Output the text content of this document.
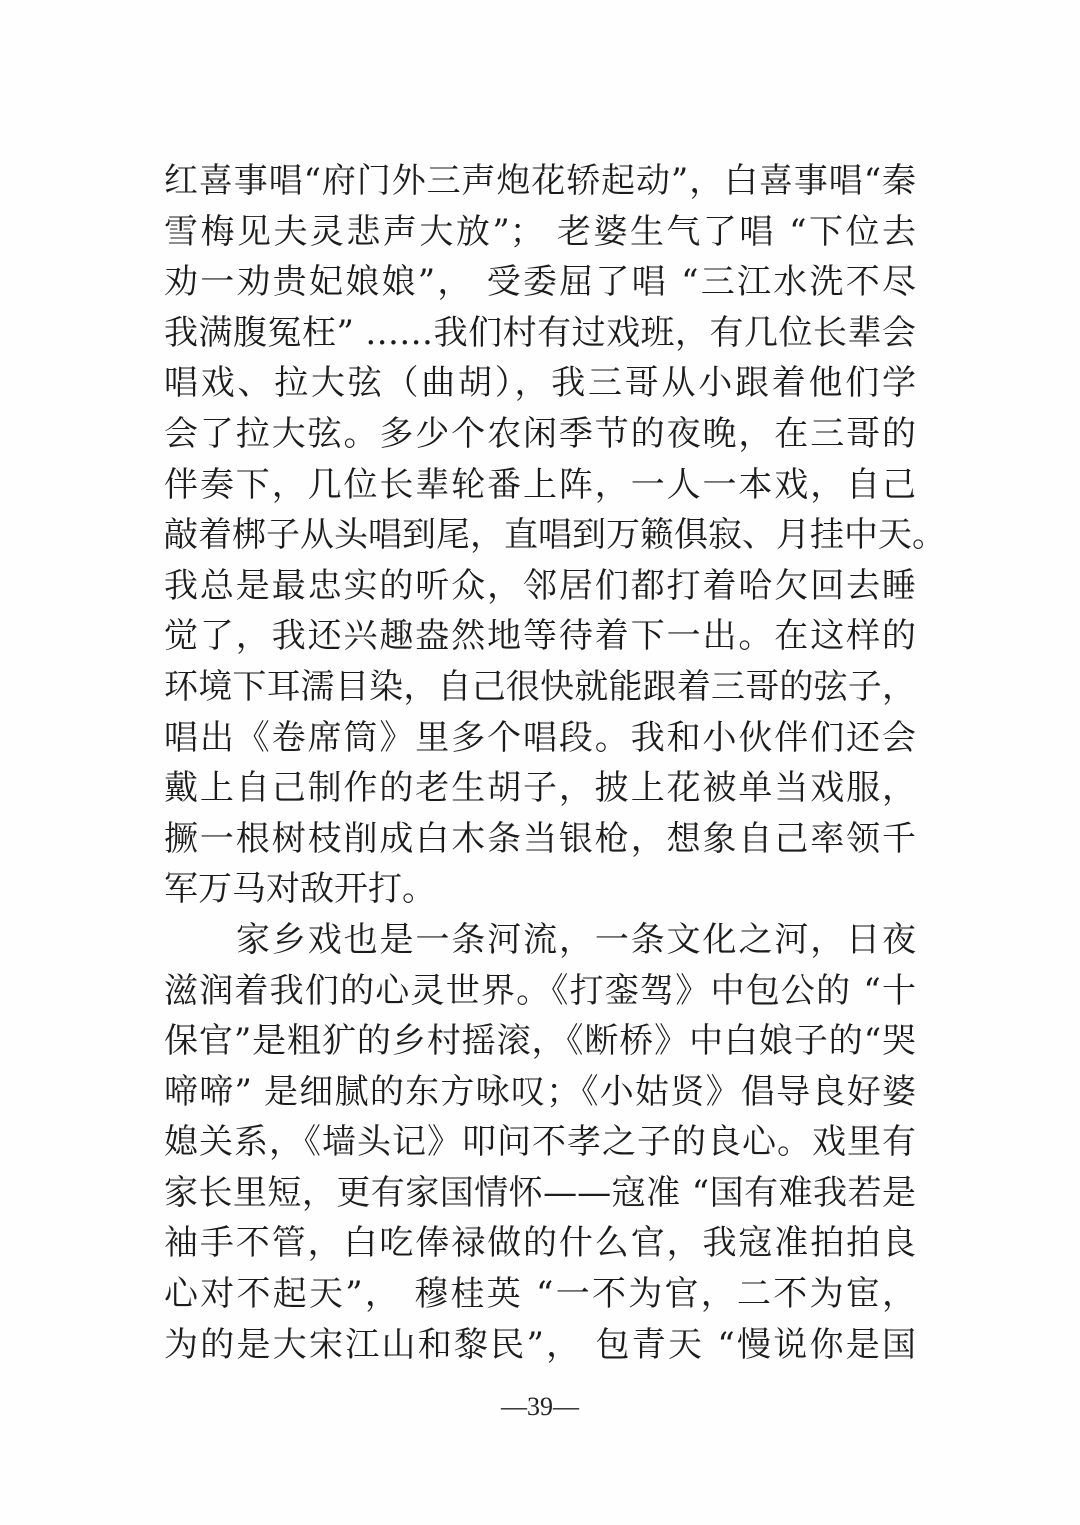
红喜事唱“府门外三声炮花轿起动”，白喜事唱“秦
雪梅见夫灵悲声大放”； 老婆生气了唱 “下位去
劝一劝贵妃娘娘”， 受委屈了唱 “三江水洗不尽
我满腹冤枉” ……我们村有过戏班，有几位长辈会
唱戏、拉大弦（曲胡），我三哥从小跟着他们学
会了拉大弦。多少个农闲季节的夜晚，在三哥的
伴奏下，几位长辈轮番上阵，一人一本戏，自己
敲着梆子从头唱到尾，直唱到万籁俱寂、月挂中天。
我总是最忠实的听众，邻居们都打着哈欠回去睡
觉了，我还兴趣盎然地等待着下一出。在这样的
环境下耳濡目染，自己很快就能跟着三哥的弦子，
唱出《卷席筒》里多个唱段。我和小伙伴们还会
戴上自己制作的老生胡子，披上花被单当戏服，
撅一根树枝削成白木条当银枪，想象自己率领千
军万马对敌开打。
家乡戏也是一条河流，一条文化之河，日夜
滋润着我们的心灵世界。《打銮驾》中包公的 “十
保官”是粗犷的乡村摇滚，《断桥》中白娘子的“哭
啼啼” 是细腻的东方咏叹；《小姑贤》倡导良好婆
媳关系，《墙头记》叩问不孝之子的良心。戏里有
家长里短，更有家国情怀——寇准 “国有难我若是
袖手不管，白吃俸禄做的什么官，我寇准拍拍良
心对不起天”， 穆桂英 “一不为官，二不为宦，
为的是大宋江山和黎民”， 包青天 “慢说你是国
—39—
